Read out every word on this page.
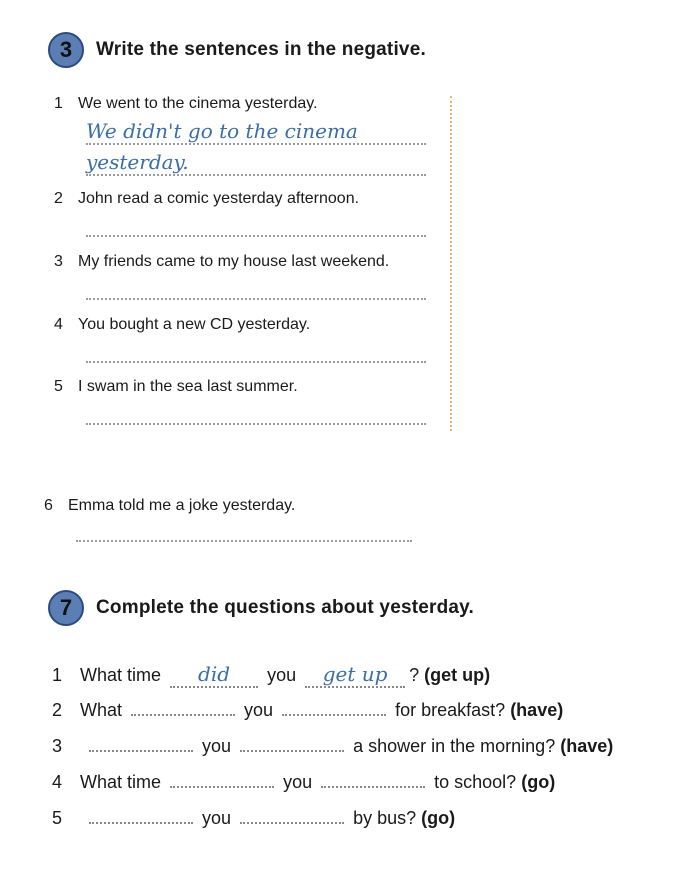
3	Write the sentences in the negative.
1 We went to the cinema yesterday.
We didn't go to the cinema
yesterday.
2 John read a comic yesterday afternoon.
3 My friends came to my house last weekend.
4 You bought a new CD yesterday.
5 I swam in the sea last summer.
6 Emma told me a joke yesterday.
7	Complete the questions about yesterday.
1 What time did you get up ? (get up)
2 What	you	for breakfast? (have)
3	you	a shower in the morning? (have)
4 What time	you	to school? (go)
5	you	by bus? (go)
